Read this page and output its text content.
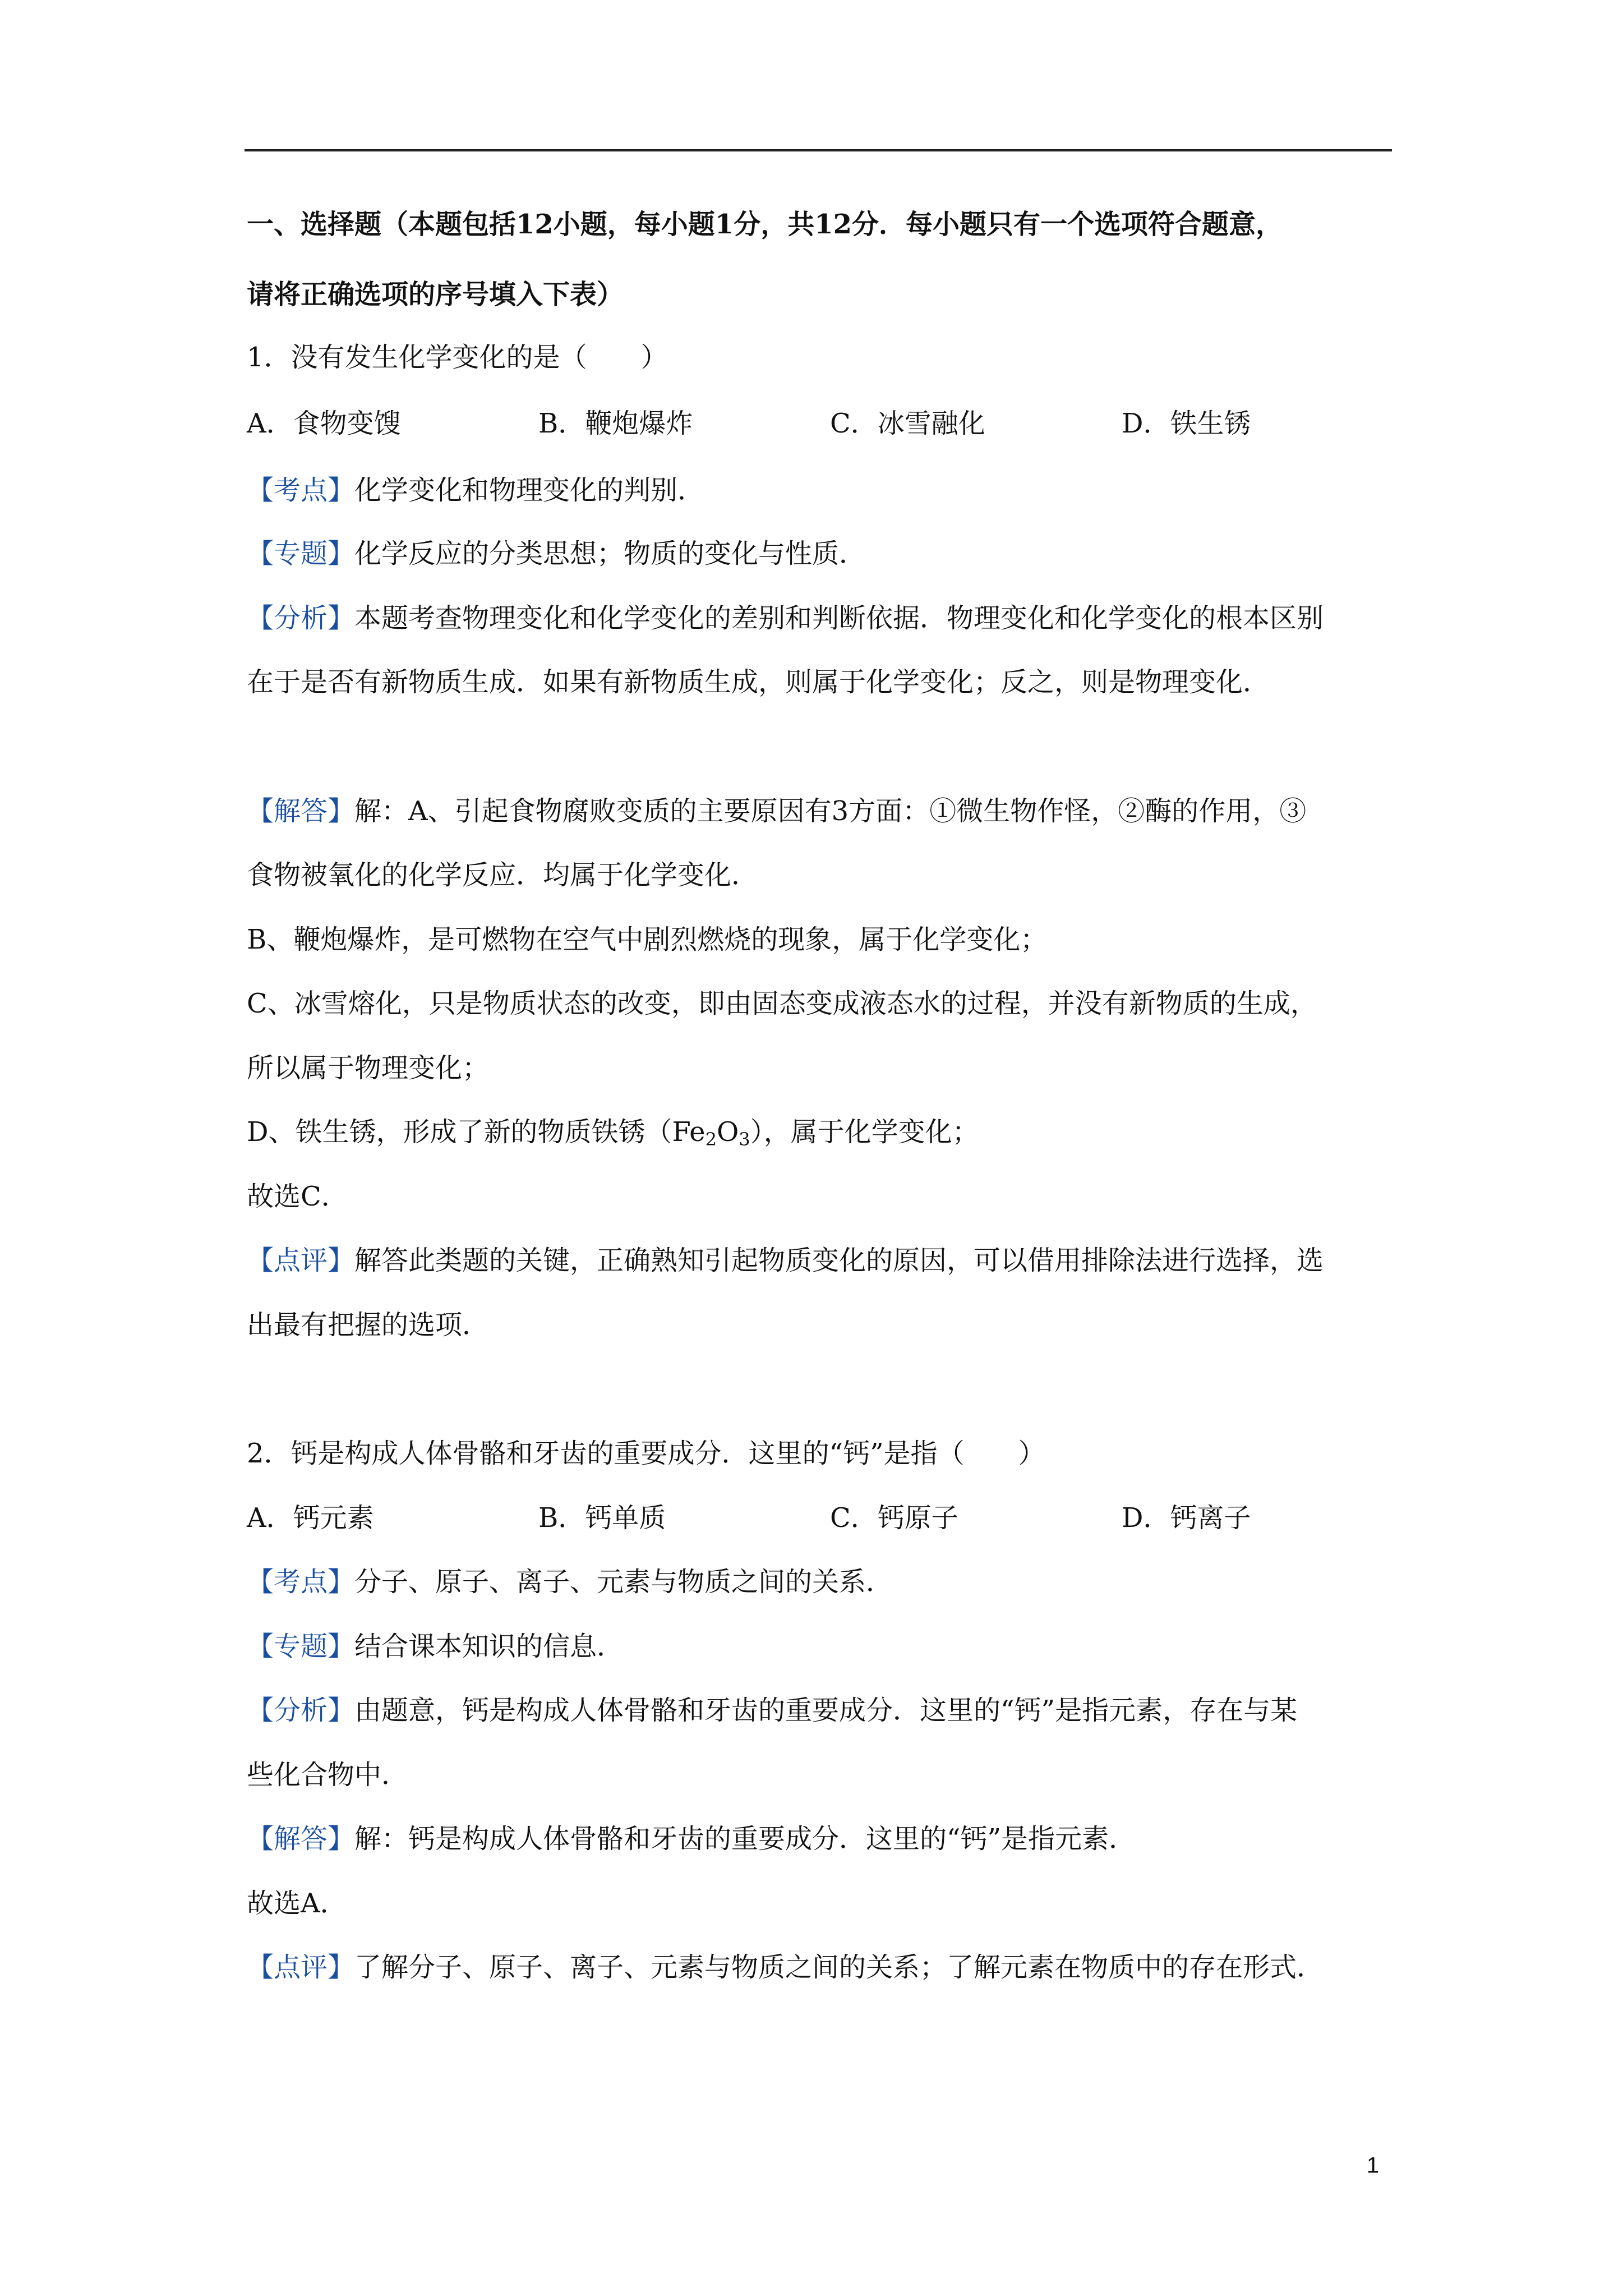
一、选择题（本题包括12小题，每小题1分，共12分．每小题只有一个选项符合题意，
请将正确选项的序号填入下表）
1．没有发生化学变化的是（　　）
A．食物变馊	B．鞭炮爆炸	C．冰雪融化	D．铁生锈
【考点】化学变化和物理变化的判别．
【专题】化学反应的分类思想；物质的变化与性质．
【分析】本题考查物理变化和化学变化的差别和判断依据．物理变化和化学变化的根本区别
在于是否有新物质生成．如果有新物质生成，则属于化学变化；反之，则是物理变化．
【解答】解：A、引起食物腐败变质的主要原因有3方面：①微生物作怪，②酶的作用，③
食物被氧化的化学反应．均属于化学变化．
B、鞭炮爆炸，是可燃物在空气中剧烈燃烧的现象，属于化学变化；
C、冰雪熔化，只是物质状态的改变，即由固态变成液态水的过程，并没有新物质的生成，
所以属于物理变化；
D、铁生锈，形成了新的物质铁锈$(Fe_2O_3)$，属于化学变化；
故选C．
【点评】解答此类题的关键，正确熟知引起物质变化的原因，可以借用排除法进行选择，选
出最有把握的选项．
2．钙是构成人体骨骼和牙齿的重要成分．这里的“钙”是指（　　）
A．钙元素	B．钙单质	C．钙原子	D．钙离子
【考点】分子、原子、离子、元素与物质之间的关系．
【专题】结合课本知识的信息．
【分析】由题意，钙是构成人体骨骼和牙齿的重要成分．这里的“钙”是指元素，存在与某
些化合物中．
【解答】解：钙是构成人体骨骼和牙齿的重要成分．这里的“钙”是指元素．
故选A．
【点评】了解分子、原子、离子、元素与物质之间的关系；了解元素在物质中的存在形式．
1
